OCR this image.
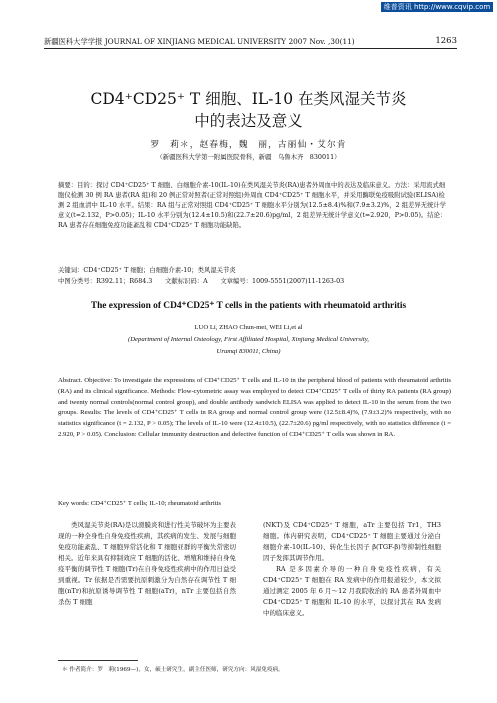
维普资讯 http://www.cqvip.com
新疆医科大学学报 JOURNAL OF XINJIANG MEDICAL UNIVERSITY 2007 Nov. ,30(11)	1263
CD4⁺CD25⁺ T 细胞、IL-10 在类风湿关节炎
中的表达及意义
罗　莉＊，赵春梅，魏　丽，古丽仙・艾尔肯
（新疆医科大学第一附属医院骨科，新疆　乌鲁木齐　830011）
摘要：目的：探讨 CD4⁺CD25⁺ T 细胞、白细胞介素-10(IL-10)在类风湿关节炎(RA)患者外周血中的表达及临床意义。方法：采用流式细胞仪检测 30 例 RA 患者(RA 组)和 20 例正常对照者(正常对照组)外周血 CD4⁺CD25⁺ T 细胞水平，并采用酶联免疫吸附试验(ELISA)检测 2 组血清中 IL-10 水平。结果：RA 组与正常对照组 CD4⁺CD25⁺ T 细胞水平分别为(12.5±8.4)%和(7.9±3.2)%，2 组差异无统计学意义(t=2.132，P>0.05)；IL-10 水平分别为(12.4±10.5)和(22.7±20.6)pg/ml，2 组差异无统计学意义(t=2.920，P>0.05)。结论：RA 患者存在细胞免疫功能紊乱和 CD4⁺CD25⁺ T 细胞功能缺陷。
关键词：CD4⁺CD25⁺ T 细胞；白细胞介素-10；类风湿关节炎
中图分类号：R392.11；R684.3　　文献标识码：A　　文章编号：1009-5551(2007)11-1263-03
The expression of CD4⁺CD25⁺ T cells in the patients with rheumatoid arthritis
LUO Li, ZHAO Chun-mei, WEI Li,et al
(Department of Internal Osteology, First Affiliated Hospital, Xinjiang Medical University,
Urumqi 830011, China)
Abstract. Objective: To investigate the expressions of CD4⁺CD25⁺ T cells and IL-10 in the peripheral blood of patients with rheumatoid arthritis (RA) and its clinical significance. Methods: Flow-cytometric assay was employed to detect CD4⁺CD25⁺ T cells of thirty RA patients (RA group) and twenty normal controls(normal control group), and double antibody sandwich ELISA was applied to detect IL-10 in the serum from the two groups. Results: The levels of CD4⁺CD25⁺ T cells in RA group and normal control group were (12.5±8.4)%, (7.9±3.2)% respectively, with no statistics significance (t = 2.132, P > 0.05); The levels of IL-10 were (12.4±10.5), (22.7±20.6) pg/ml respectively, with no statistics difference (t = 2.920, P > 0.05). Conclusion: Cellular immunity destruction and defective function of CD4⁺CD25⁺ T cells was shown in RA.
Key words: CD4⁺CD25⁺ T cells; IL-10; rheumatoid arthritis
类风湿关节炎(RA)是以滑膜炎和进行性关节破坏为主要表现的一种全身性自身免疫性疾病，其疾病的发生、发展与细胞免疫功能紊乱、T 细胞异常活化和 T 细胞亚群的平衡失常密切相关。近年来具有抑制效应 T 细胞的活化、增殖和维持自身免疫平衡的调节性 T 细胞(Tr)在自身免疫性疾病中的作用日益受到重视。Tr 依据是否需要抗原刺激分为自然存在调节性 T 细胞(nTr)和抗原诱导调节性 T 细胞(aTr)，nTr 主要包括自然杀伤 T 细胞
(NKT)及 CD4⁺CD25⁺ T 细胞，aTr 主要包括 Tr1，TH3 细胞。体内研究表明，CD4⁺CD25⁺ T 细胞主要通过分泌白细胞介素-10(IL-10)、转化生长因子 β(TGF-β)等抑制性细胞因子发挥其调节作用。
RA 是多因素介导的一种自身免疫性疾病，有关 CD4⁺CD25⁺ T 细胞在 RA 发病中的作用报道较少，本文拟通过测定 2005 年 6 月～12 月我院收治的 RA 患者外周血中 CD4⁺CD25⁺ T 细胞和 IL-10 的水平，以探讨其在 RA 发病中的临床意义。
＊ 作者简介：罗　莉(1969—)，女，硕士研究生，副主任医师，研究方向：风湿免疫病。
